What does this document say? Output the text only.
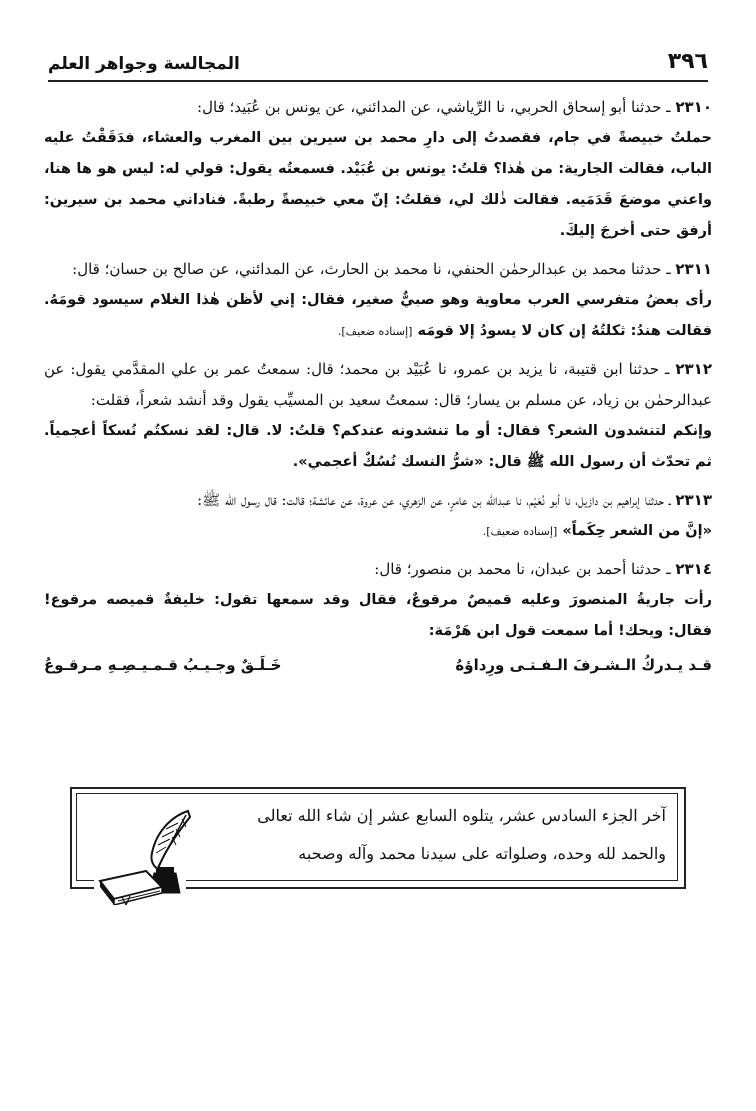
٣٩٦
المجالسة وجواهر العلم

٢٣١٠ ـ حدثنا أبو إسحاق الحربي، نا الرِّياشي، عن المدائني، عن يونس بن عُبَيد؛ قال:

حملتُ خبيصةً في جام، فقصدتُ إلى دارِ محمد بن سيرين بين المغرب والعشاء، فدَقَقْتُ عليه الباب، فقالت الجارية: من هٰذا؟ قلتُ: يونس بن عُبَيْد. فسمعتُه يقول: قولي له: ليس هو ها هنا، واعني موضعَ قَدَمَيه. فقالت ذٰلك لي، فقلتُ: إنّ معي خبيصةً رطبةً. فناداني محمد بن سيرين: أرفق حتى أخرجَ إليكَ.

٢٣١١ ـ حدثنا محمد بن عبدالرحمٰن الحنفي، نا محمد بن الحارث، عن المدائني، عن صالح بن حسان؛ قال:

رأى بعضُ متفرسي العرب معاوية وهو صبيٌّ صغير، فقال: إني لأظن هٰذا الغلام سيسود قومَهُ. فقالت هندُ: ثكلتُهُ إن كان لا يسودُ إلا قومَه [إسناده ضعيف].

٢٣١٢ ـ حدثنا ابن قتيبة، نا يزيد بن عمرو، نا عُبَيْد بن محمد؛ قال: سمعتُ عمر بن علي المقدَّمي يقول: عن عبدالرحمٰن بن زياد، عن مسلم بن يسار؛ قال: سمعتُ سعيد بن المسيِّب يقول وقد أنشد شعراً، فقلت:

وإنكم لتنشدون الشعر؟ فقال: أو ما تنشدونه عندكم؟ قلتُ: لا. قال: لقد نسكتُم نُسكاً أعجمياً. ثم تحدّث أن رسول الله ﷺ قال: «شرُّ النسك نُسُكٌ أعجمي».

٢٣١٣ ـ حدثنا إبراهيم بن دازيل، نا أبو نُعَيْم، نا عبدالله بن عامرٍ، عن الزهري، عن عروة، عن عائشة؛ قالت: قال رسول الله ﷺ:

«إنَّ من الشعر حِكَماً» [إسناده ضعيف].

٢٣١٤ ـ حدثنا أحمد بن عبدان، نا محمد بن منصور؛ قال:

رأت جاريةُ المنصورَ وعليه قميصٌ مرقوعٌ، فقال وقد سمعها تقول: خليفةٌ قميصه مرقوع! فقال: ويحك! أما سمعت قول ابن هَرْمَة:

قـد يـدركُ الـشـرفَ الـفـتـى ورِداؤهُ
خَـلَـقٌ وجـيـبُ قـمـيـصِـهِ مـرقـوعُ
آخر الجزء السادس عشر، يتلوه السابع عشر إن شاء الله تعالى
والحمد لله وحده، وصلواته على سيدنا محمد وآله وصحبه
